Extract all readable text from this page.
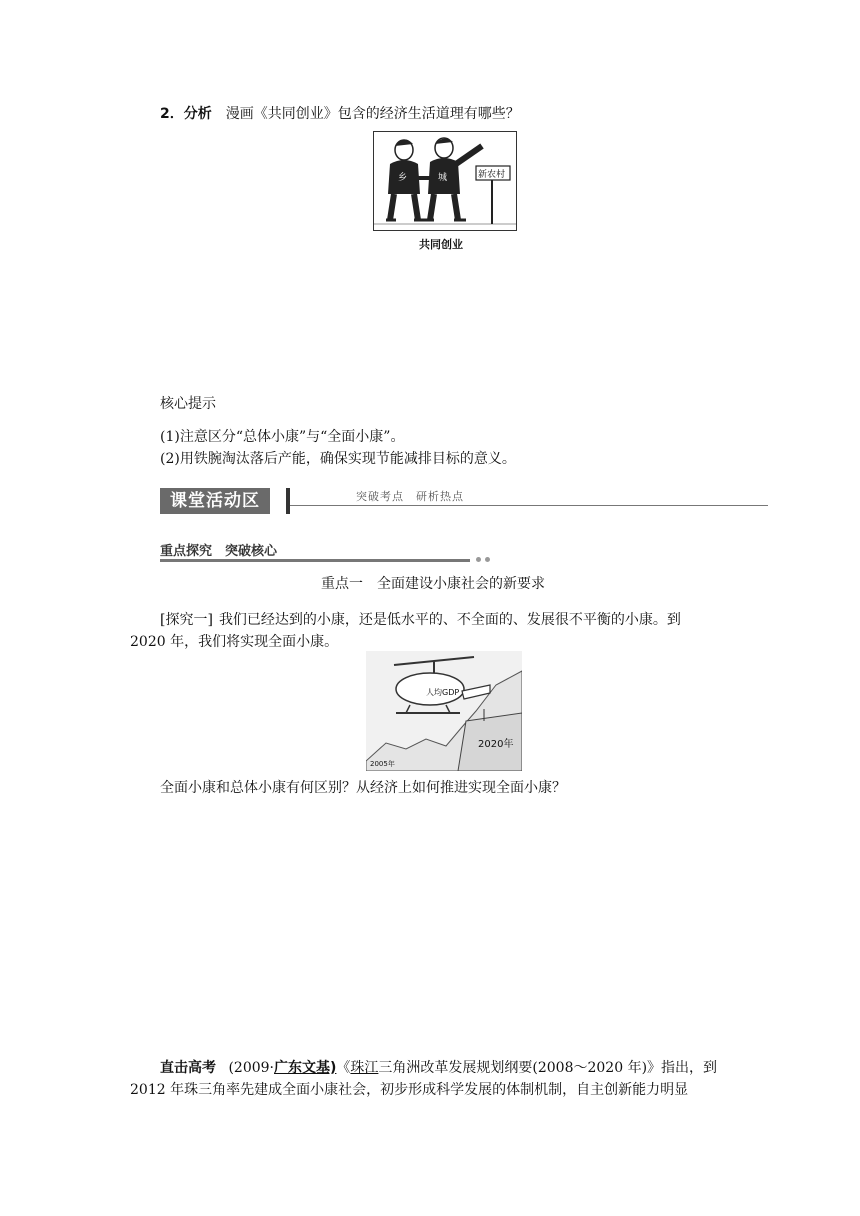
2．分析 漫画《共同创业》包含的经济生活道理有哪些？
乡	城	新农村
共同创业
核心提示
(1)注意区分“总体小康”与“全面小康”。
(2)用铁腕淘汰落后产能，确保实现节能减排目标的意义。
课堂活动区	突破考点　研析热点
重点探究　突破核心
重点一　全面建设小康社会的新要求
[探究一] 我们已经达到的小康，还是低水平的、不全面的、发展很不平衡的小康。到
2020 年，我们将实现全面小康。
人均GDP
2020年
2005年
全面小康和总体小康有何区别？从经济上如何推进实现全面小康？
直击高考 (2009·广东文基)《珠江三角洲改革发展规划纲要(2008～2020 年)》指出，到
2012 年珠三角率先建成全面小康社会，初步形成科学发展的体制机制，自主创新能力明显
